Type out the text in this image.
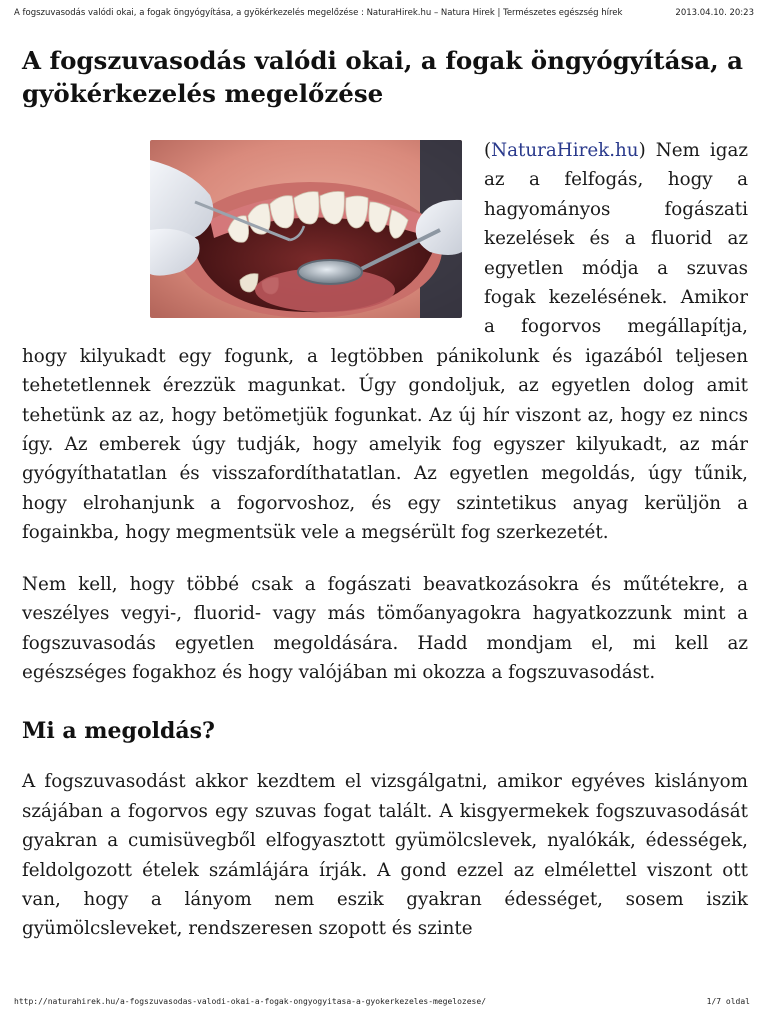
A fogszuvasodás valódi okai, a fogak öngyógyítása, a gyökérkezelés megelőzése : NaturaHirek.hu – Natura Hirek | Természetes egészség hírek	2013.04.10. 20:23
A fogszuvasodás valódi okai, a fogak öngyógyítása, a gyökérkezelés megelőzése

(NaturaHirek.hu) Nem igaz az a felfogás, hogy a hagyományos fogászati kezelések és a fluorid az egyetlen módja a szuvas fogak kezelésének. Amikor a fogorvos megállapítja, hogy kilyukadt egy fogunk, a legtöbben pánikolunk és igazából teljesen tehetetlennek érezzük magunkat. Úgy gondoljuk, az egyetlen dolog amit tehetünk az az, hogy betömetjük fogunkat. Az új hír viszont az, hogy ez nincs így. Az emberek úgy tudják, hogy amelyik fog egyszer kilyukadt, az már gyógyíthatatlan és visszafordíthatatlan. Az egyetlen megoldás, úgy tűnik, hogy elrohanjunk a fogorvoshoz, és egy szintetikus anyag kerüljön a fogainkba, hogy megmentsük vele a megsérült fog szerkezetét.

Nem kell, hogy többé csak a fogászati beavatkozásokra és műtétekre, a veszélyes vegyi-, fluorid- vagy más tömőanyagokra hagyatkozzunk mint a fogszuvasodás egyetlen megoldására. Hadd mondjam el, mi kell az egészséges fogakhoz és hogy valójában mi okozza a fogszuvasodást.

Mi a megoldás?

A fogszuvasodást akkor kezdtem el vizsgálgatni, amikor egyéves kislányom szájában a fogorvos egy szuvas fogat talált. A kisgyermekek fogszuvasodását gyakran a cumisüvegből elfogyasztott gyümölcslevek, nyalókák, édességek, feldolgozott ételek számlájára írják. A gond ezzel az elmélettel viszont ott van, hogy a lányom nem eszik gyakran édességet, sosem iszik gyümölcsleveket, rendszeresen szopott és szinte

http://naturahirek.hu/a-fogszuvasodas-valodi-okai-a-fogak-ongyogyitasa-a-gyokerkezeles-megelozese/	1/7 oldal
